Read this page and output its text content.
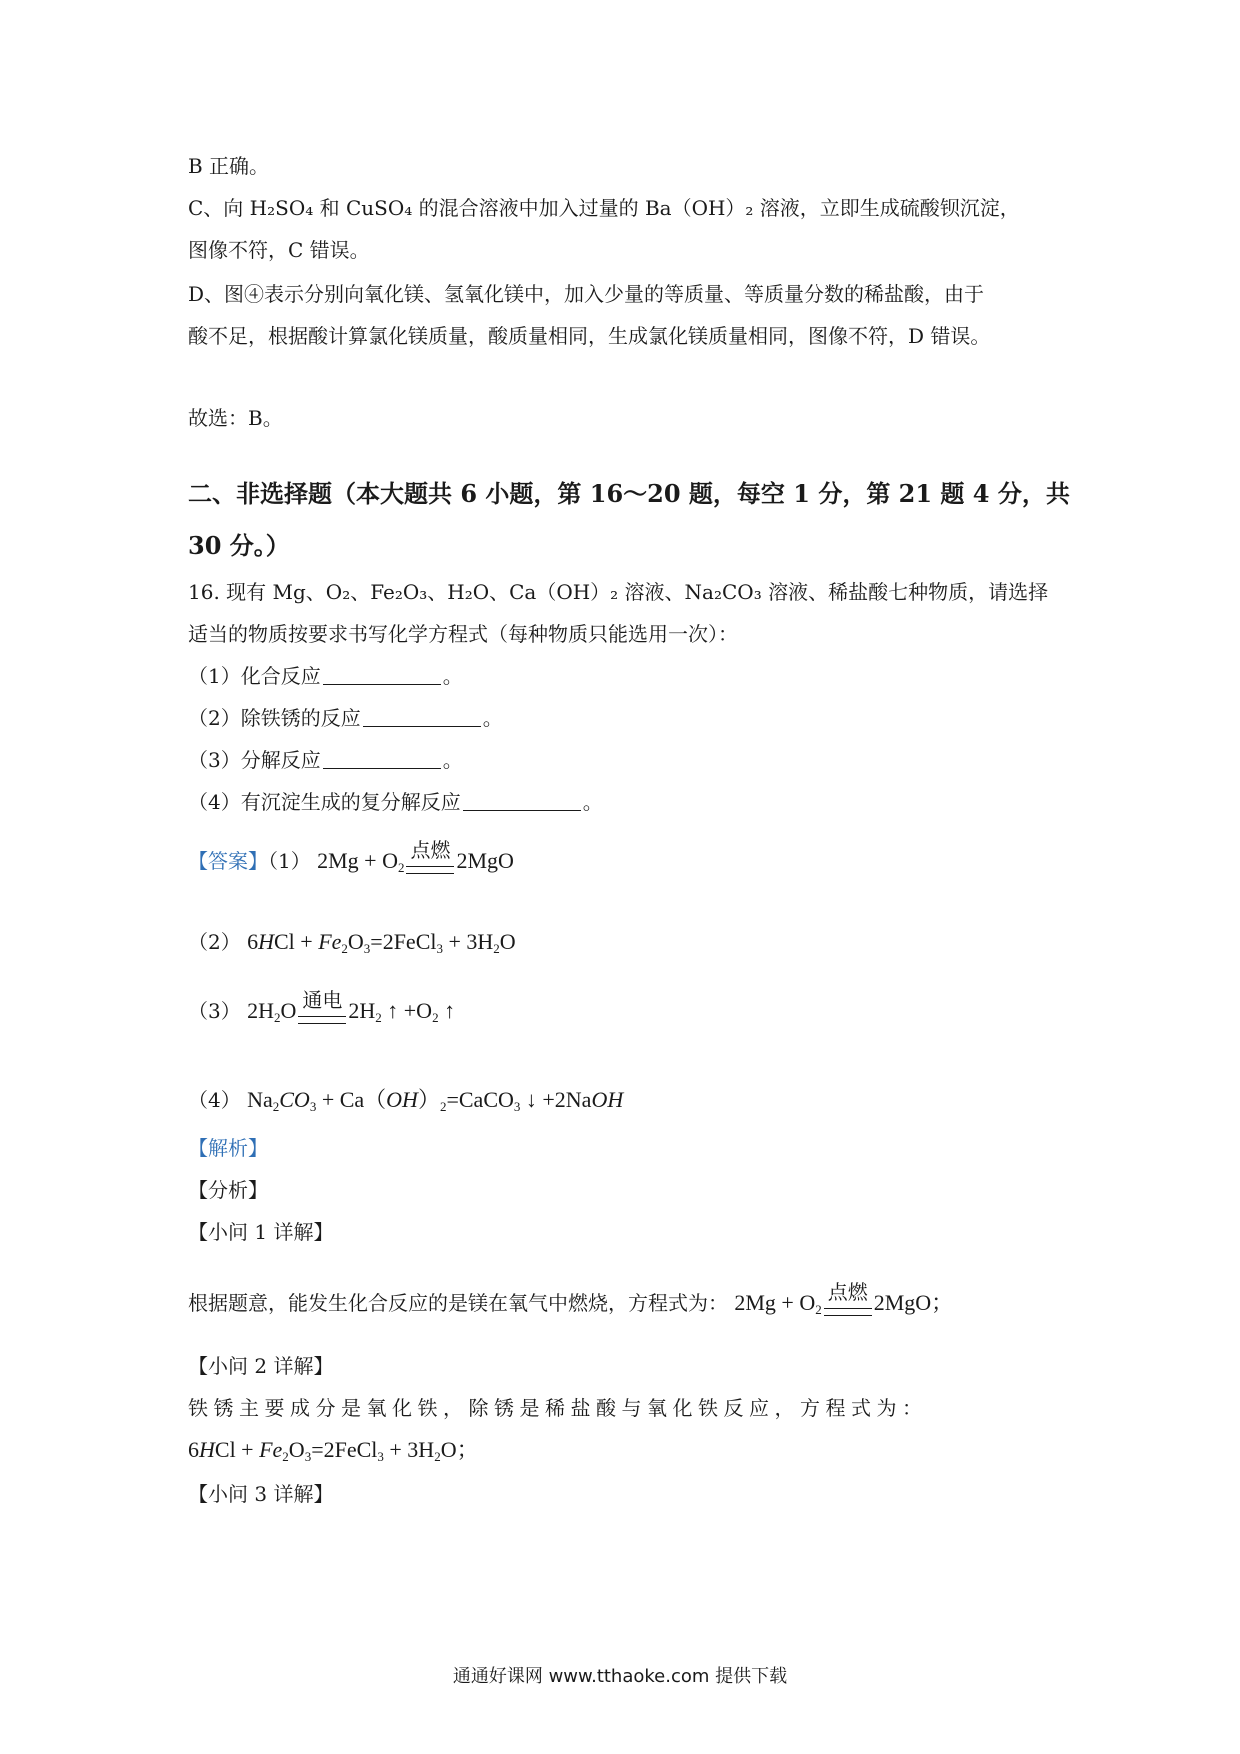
B 正确。
C、向 H₂SO₄ 和 CuSO₄ 的混合溶液中加入过量的 Ba（OH）₂ 溶液，立即生成硫酸钡沉淀，
图像不符，C 错误。
D、图④表示分别向氧化镁、氢氧化镁中，加入少量的等质量、等质量分数的稀盐酸，由于
酸不足，根据酸计算氯化镁质量，酸质量相同，生成氯化镁质量相同，图像不符，D 错误。
故选：B。
二、非选择题（本大题共 6 小题，第 16～20 题，每空 1 分，第 21 题 4 分，共
30 分。）
16. 现有 Mg、O₂、Fe₂O₃、H₂O、Ca（OH）₂ 溶液、Na₂CO₃ 溶液、稀盐酸七种物质，请选择
适当的物质按要求书写化学方程式（每种物质只能选用一次）：
（1）化合反应	。
（2）除铁锈的反应	。
（3）分解反应	。
（4）有沉淀生成的复分解反应	。
【答案】（1） $2Mg + O_2$
点燃 2MgO
（2） $6HCl + Fe_2O_3=2FeCl_3 + 3H_2O$
（3） $2H_2O$ 通电 $2H_2$ ↑ $+O_2$ ↑
（4） $Na_2CO_3$ + $Ca(OH)_2=CaCO_3$ ↓ +2NaOH
【解析】
【分析】
【小问 1 详解】
根据题意，能发生化合反应的是镁在氧气中燃烧，方程式为： $2Mg + O_2$
点燃 2MgO；
【小问 2 详解】
铁锈主要成分是氧化铁，除锈是稀盐酸与氧化铁反应，方程式为：
$6HCl + Fe_2O_3=2FeCl_3 + 3H_2O$；
【小问 3 详解】
通通好课网 www.tthaoke.com 提供下载
